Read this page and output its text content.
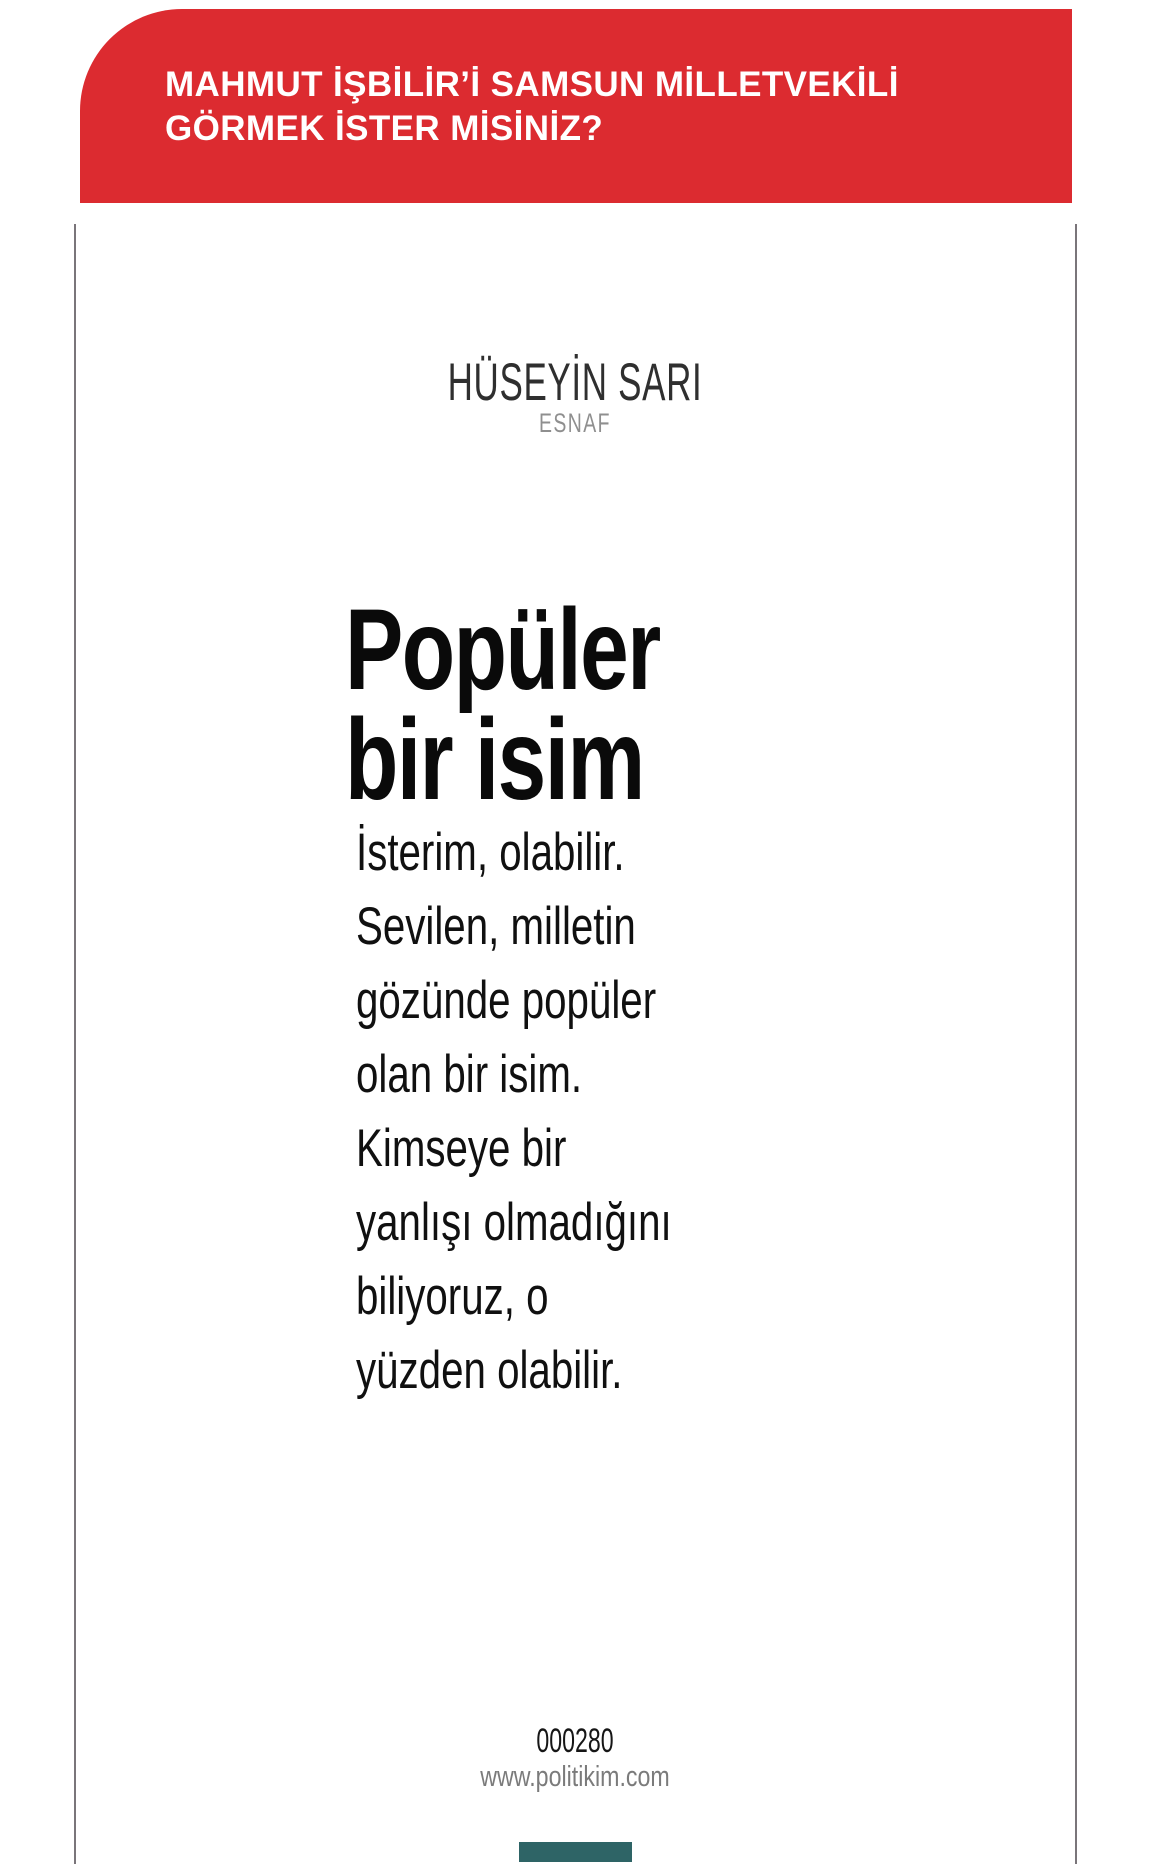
MAHMUT İŞBİLİR’İ SAMSUN MİLLETVEKİLİ
GÖRMEK İSTER MİSİNİZ?
HÜSEYİN SARI
ESNAF
Popüler
bir isim
İsterim, olabilir.
Sevilen, milletin
gözünde popüler
olan bir isim.
Kimseye bir
yanlışı olmadığını
biliyoruz, o
yüzden olabilir.
000280
www.politikim.com
